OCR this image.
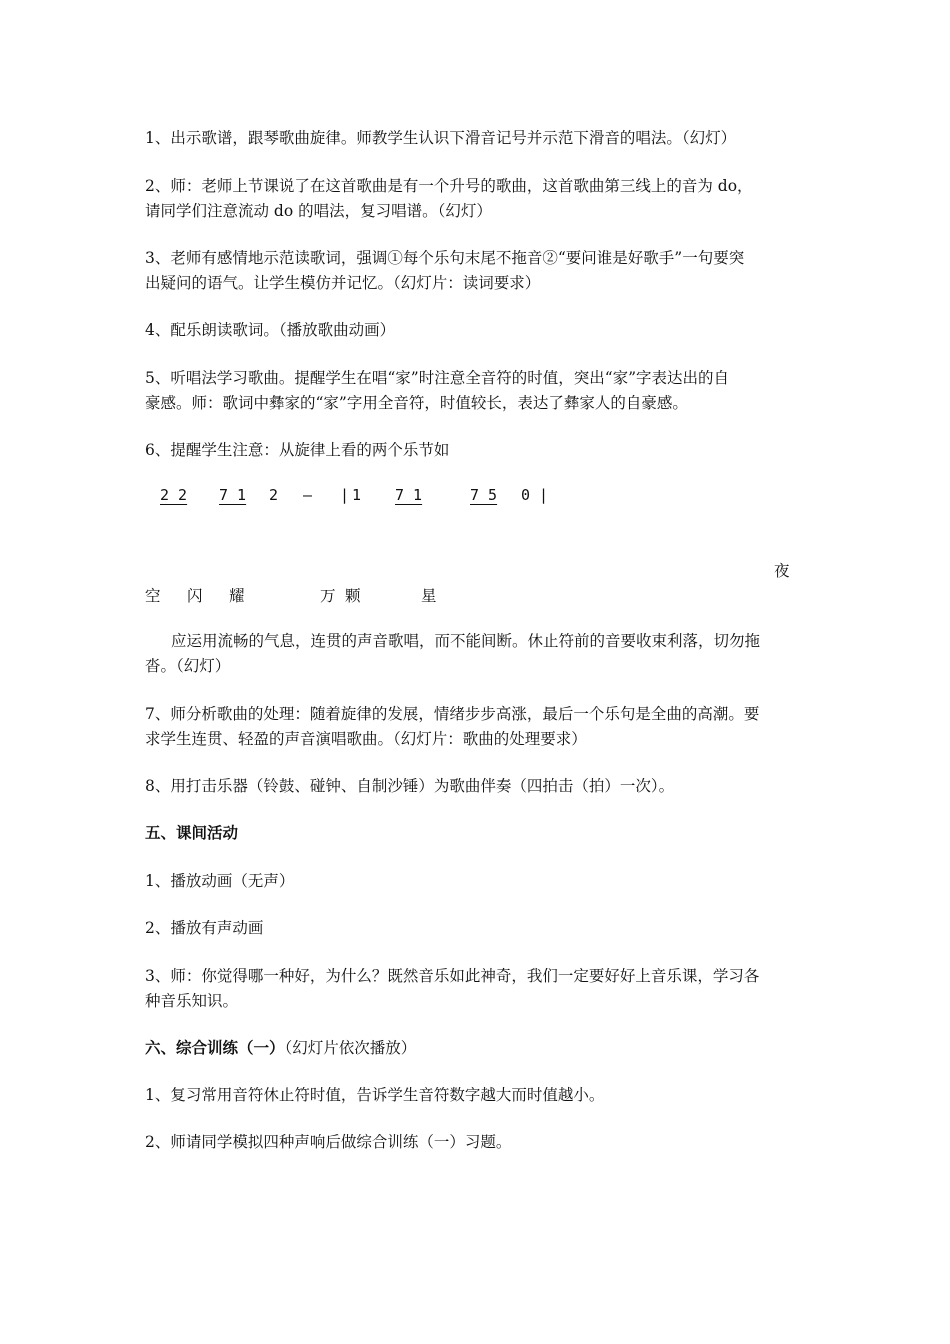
1、出示歌谱，跟琴歌曲旋律。师教学生认识下滑音记号并示范下滑音的唱法。（幻灯）
2、师：老师上节课说了在这首歌曲是有一个升号的歌曲，这首歌曲第三线上的音为 do，
请同学们注意流动 do 的唱法，复习唱谱。（幻灯）
3、老师有感情地示范读歌词，强调①每个乐句末尾不拖音②“要问谁是好歌手”一句要突
出疑问的语气。让学生模仿并记忆。（幻灯片：读词要求）
4、配乐朗读歌词。（播放歌曲动画）
5、听唱法学习歌曲。提醒学生在唱“家”时注意全音符的时值，突出“家”字表达出的自
豪感。师：歌词中彝家的“家”字用全音符，时值较长，表达了彝家人的自豪感。
6、提醒学生注意：从旋律上看的两个乐节如
2 2 7 1 2 – | 1 7 1	7 5 0 |
夜
空 闪 耀	万 颗	星
应运用流畅的气息，连贯的声音歌唱，而不能间断。休止符前的音要收束利落，切勿拖
沓。（幻灯）
7、师分析歌曲的处理：随着旋律的发展，情绪步步高涨，最后一个乐句是全曲的高潮。要
求学生连贯、轻盈的声音演唱歌曲。（幻灯片：歌曲的处理要求）
8、用打击乐器（铃鼓、碰钟、自制沙锤）为歌曲伴奏（四拍击（拍）一次）。
五、课间活动
1、播放动画（无声）
2、播放有声动画
3、师：你觉得哪一种好，为什么？既然音乐如此神奇，我们一定要好好上音乐课，学习各
种音乐知识。
六、综合训练（一）（幻灯片依次播放）
1、复习常用音符休止符时值，告诉学生音符数字越大而时值越小。
2、师请同学模拟四种声响后做综合训练（一）习题。
